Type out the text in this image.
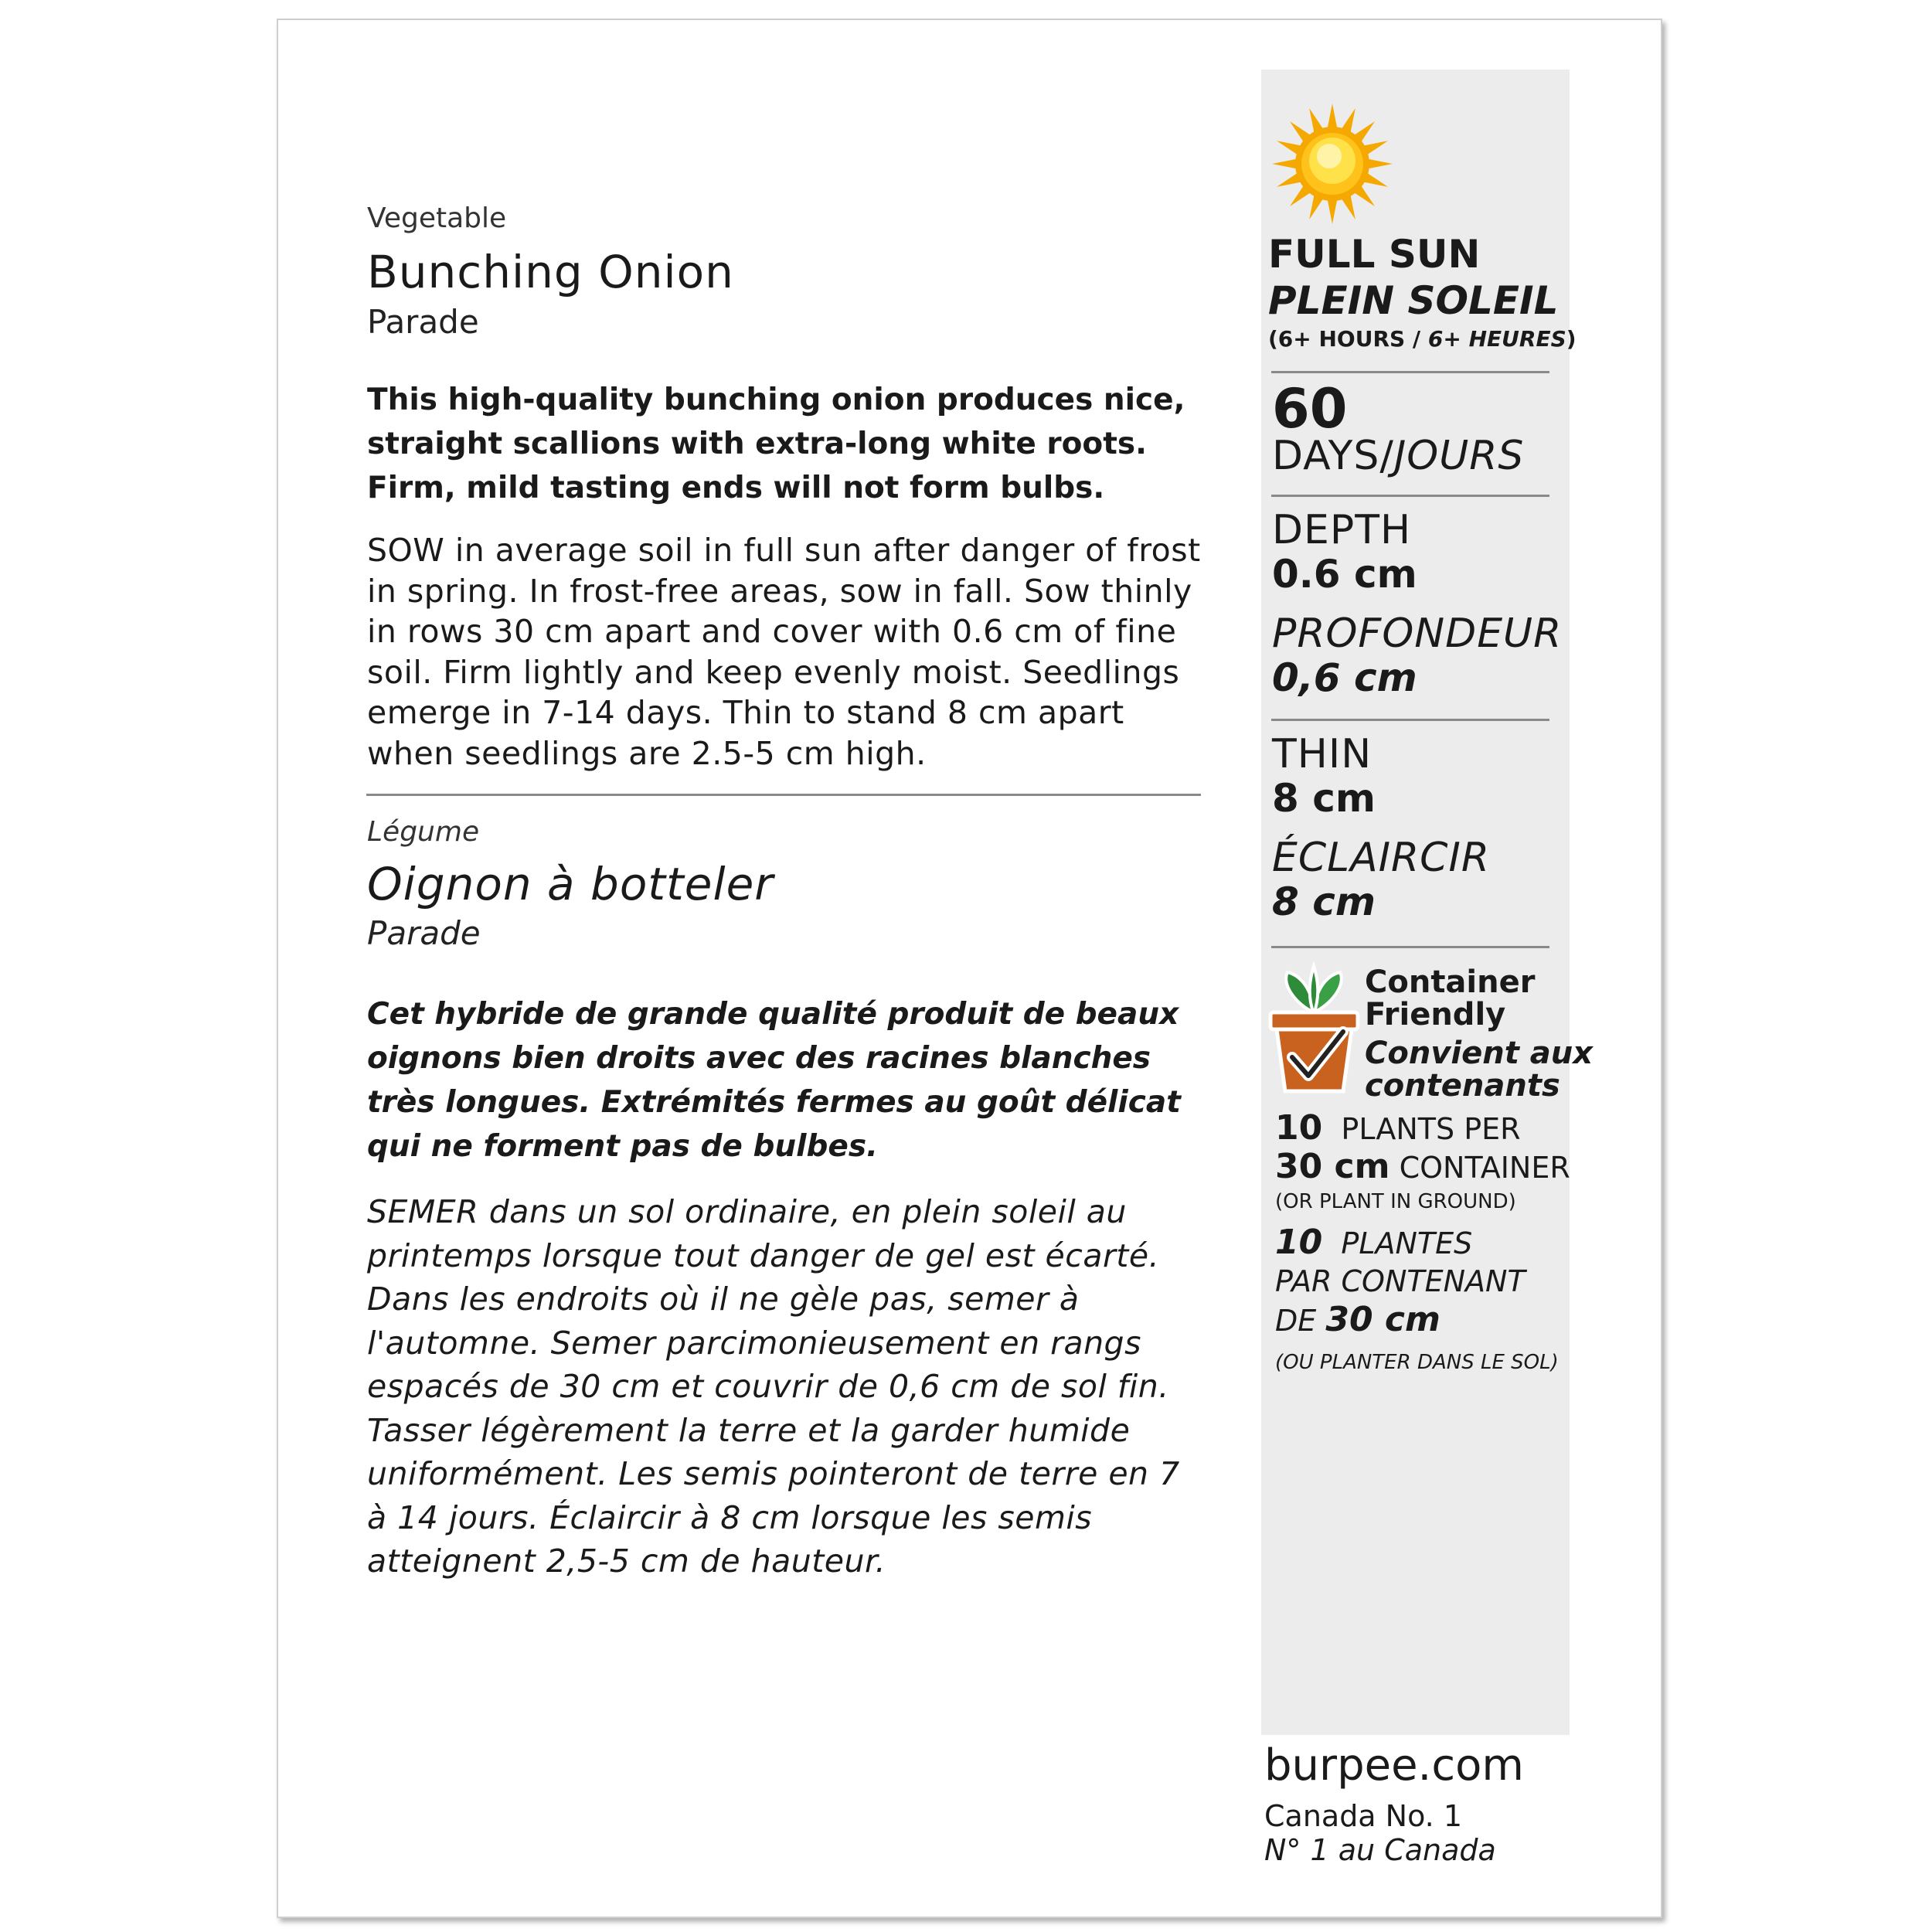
Vegetable

Bunching Onion

Parade

This high-quality bunching onion produces nice, straight scallions with extra-long white roots. Firm, mild tasting ends will not form bulbs.

SOW in average soil in full sun after danger of frost in spring. In frost-free areas, sow in fall. Sow thinly in rows 30 cm apart and cover with 0.6 cm of fine soil. Firm lightly and keep evenly moist. Seedlings emerge in 7-14 days. Thin to stand 8 cm apart when seedlings are 2.5-5 cm high.

Légume

Oignon à botteler

Parade

Cet hybride de grande qualité produit de beaux oignons bien droits avec des racines blanches très longues. Extrémités fermes au goût délicat qui ne forment pas de bulbes.

SEMER dans un sol ordinaire, en plein soleil au printemps lorsque tout danger de gel est écarté. Dans les endroits où il ne gèle pas, semer à l'automne. Semer parcimonieusement en rangs espacés de 30 cm et couvrir de 0,6 cm de sol fin. Tasser légèrement la terre et la garder humide uniformément. Les semis pointeront de terre en 7 à 14 jours. Éclaircir à 8 cm lorsque les semis atteignent 2,5-5 cm de hauteur.

FULL SUN

PLEIN SOLEIL

(6+ HOURS / 6+ HEURES)

60

DAYS/JOURS

DEPTH

0.6 cm

PROFONDEUR

0,6 cm

THIN

8 cm

ÉCLAIRCIR

8 cm

Container
Friendly

Convient aux
contenants

10 PLANTS PER

30 cm CONTAINER

(OR PLANT IN GROUND)

10 PLANTES

PAR CONTENANT

DE 30 cm

(OU PLANTER DANS LE SOL)

burpee.com

Canada No. 1

N° 1 au Canada
